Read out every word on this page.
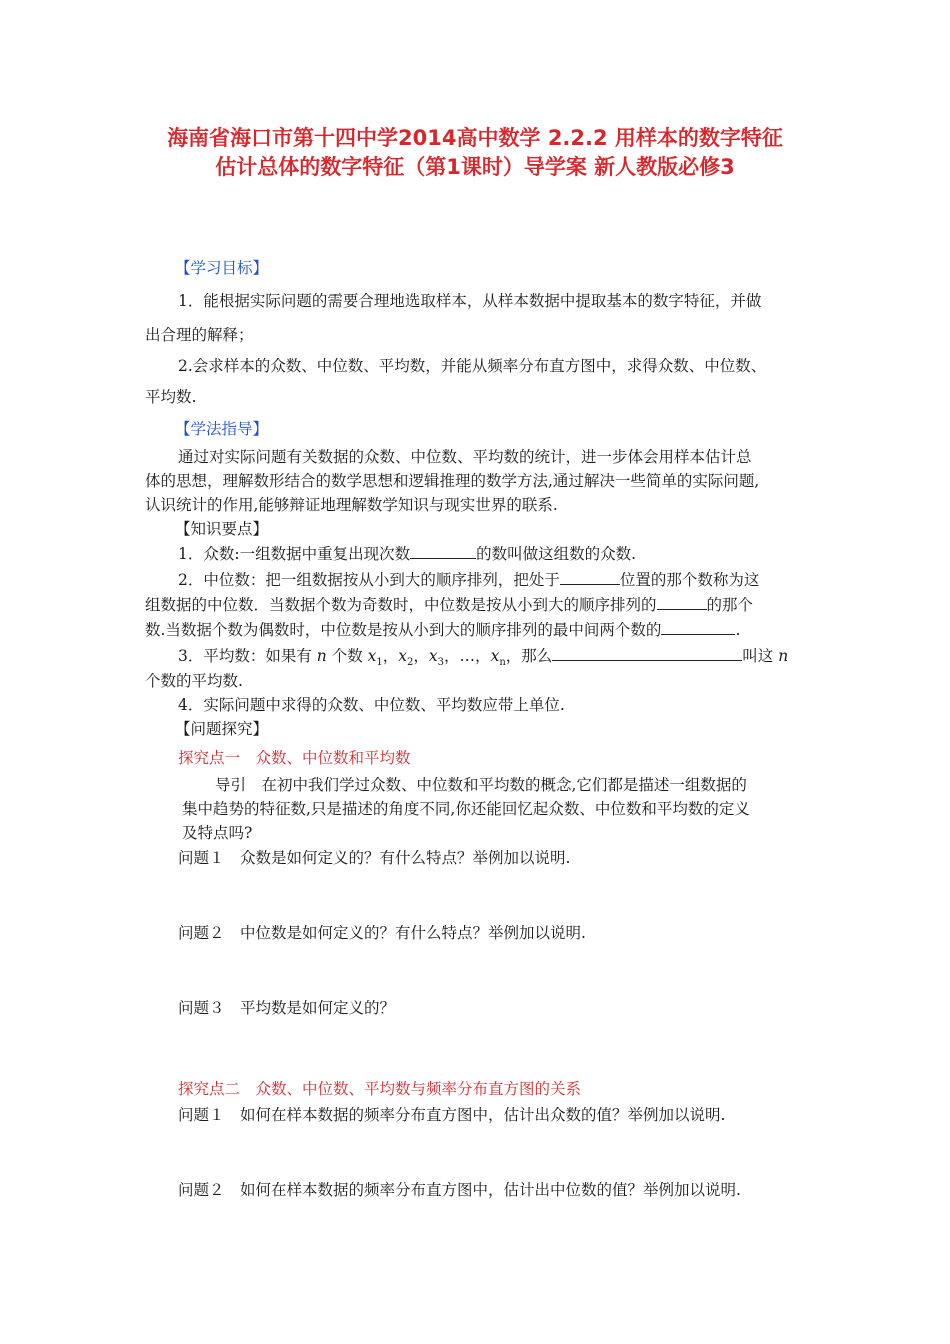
海南省海口市第十四中学2014高中数学 2.2.2 用样本的数字特征
估计总体的数字特征（第1课时）导学案 新人教版必修3
【学习目标】
1．能根据实际问题的需要合理地选取样本，从样本数据中提取基本的数字特征，并做
出合理的解释；
2.会求样本的众数、中位数、平均数，并能从频率分布直方图中，求得众数、中位数、
平均数.
【学法指导】
通过对实际问题有关数据的众数、中位数、平均数的统计，进一步体会用样本估计总
体的思想，理解数形结合的数学思想和逻辑推理的数学方法,通过解决一些简单的实际问题,
认识统计的作用,能够辩证地理解数学知识与现实世界的联系.
【知识要点】
1．众数:一组数据中重复出现次数	的数叫做这组数的众数.
2．中位数：把一组数据按从小到大的顺序排列，把处于	位置的那个数称为这
组数据的中位数．当数据个数为奇数时，中位数是按从小到大的顺序排列的	的那个
数.当数据个数为偶数时，中位数是按从小到大的顺序排列的最中间两个数的	.
3．平均数：如果有 n 个数 $x_1$，$x_2$，$x_3$，…，$x_n$，那么	叫这 n
个数的平均数.
4．实际问题中求得的众数、中位数、平均数应带上单位.
【问题探究】
探究点一　众数、中位数和平均数
导引　在初中我们学过众数、中位数和平均数的概念,它们都是描述一组数据的
集中趋势的特征数,只是描述的角度不同,你还能回忆起众数、中位数和平均数的定义
及特点吗?
问题１　众数是如何定义的？有什么特点？举例加以说明.
问题２　中位数是如何定义的？有什么特点？举例加以说明.
问题３　平均数是如何定义的？
探究点二　众数、中位数、平均数与频率分布直方图的关系
问题１　如何在样本数据的频率分布直方图中，估计出众数的值？举例加以说明.
问题２　如何在样本数据的频率分布直方图中，估计出中位数的值？举例加以说明.
